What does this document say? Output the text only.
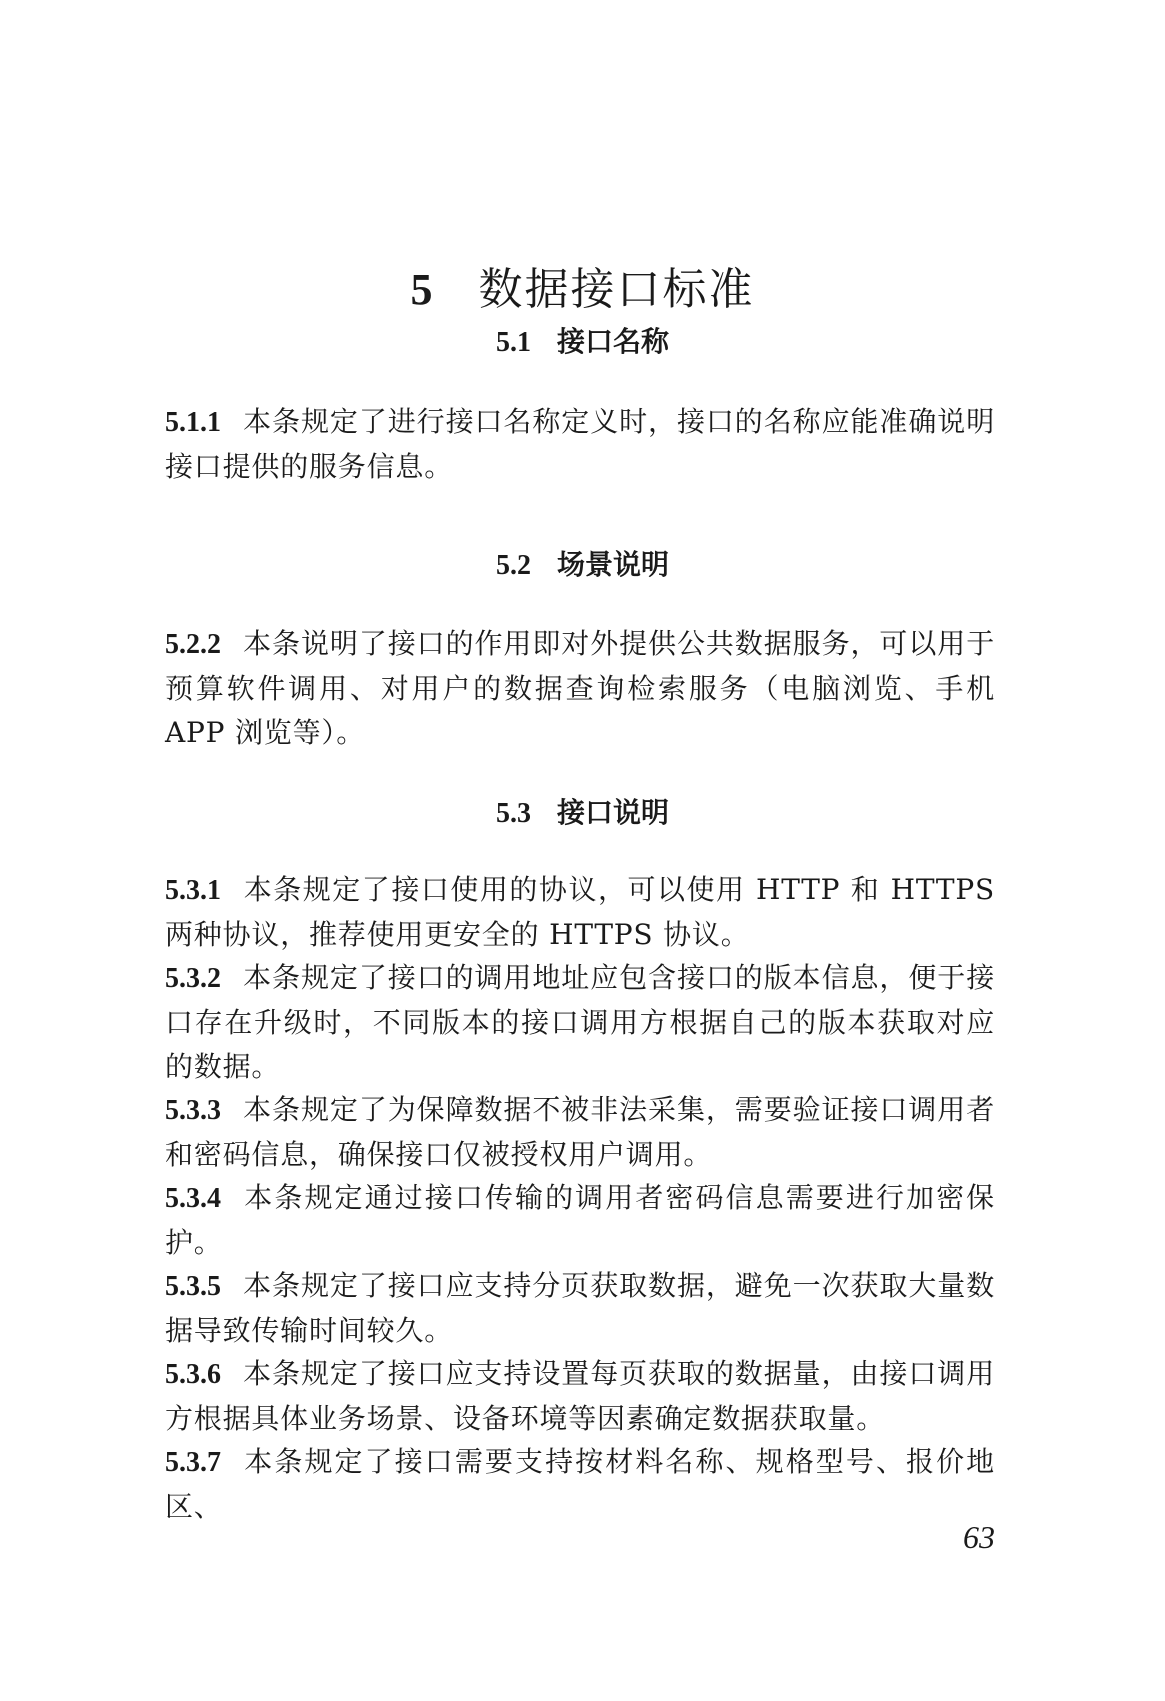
5 数据接口标准
5.1 接口名称

5.1.1 本条规定了进行接口名称定义时，接口的名称应能准确说明接口提供的服务信息。

5.2 场景说明

5.2.2 本条说明了接口的作用即对外提供公共数据服务，可以用于预算软件调用、对用户的数据查询检索服务（电脑浏览、手机APP 浏览等）。

5.3 接口说明

5.3.1 本条规定了接口使用的协议，可以使用 HTTP 和 HTTPS 两种协议，推荐使用更安全的 HTTPS 协议。

5.3.2 本条规定了接口的调用地址应包含接口的版本信息，便于接口存在升级时，不同版本的接口调用方根据自己的版本获取对应的数据。

5.3.3 本条规定了为保障数据不被非法采集，需要验证接口调用者和密码信息，确保接口仅被授权用户调用。

5.3.4 本条规定通过接口传输的调用者密码信息需要进行加密保护。

5.3.5 本条规定了接口应支持分页获取数据，避免一次获取大量数据导致传输时间较久。

5.3.6 本条规定了接口应支持设置每页获取的数据量，由接口调用方根据具体业务场景、设备环境等因素确定数据获取量。

5.3.7 本条规定了接口需要支持按材料名称、规格型号、报价地区、

63
